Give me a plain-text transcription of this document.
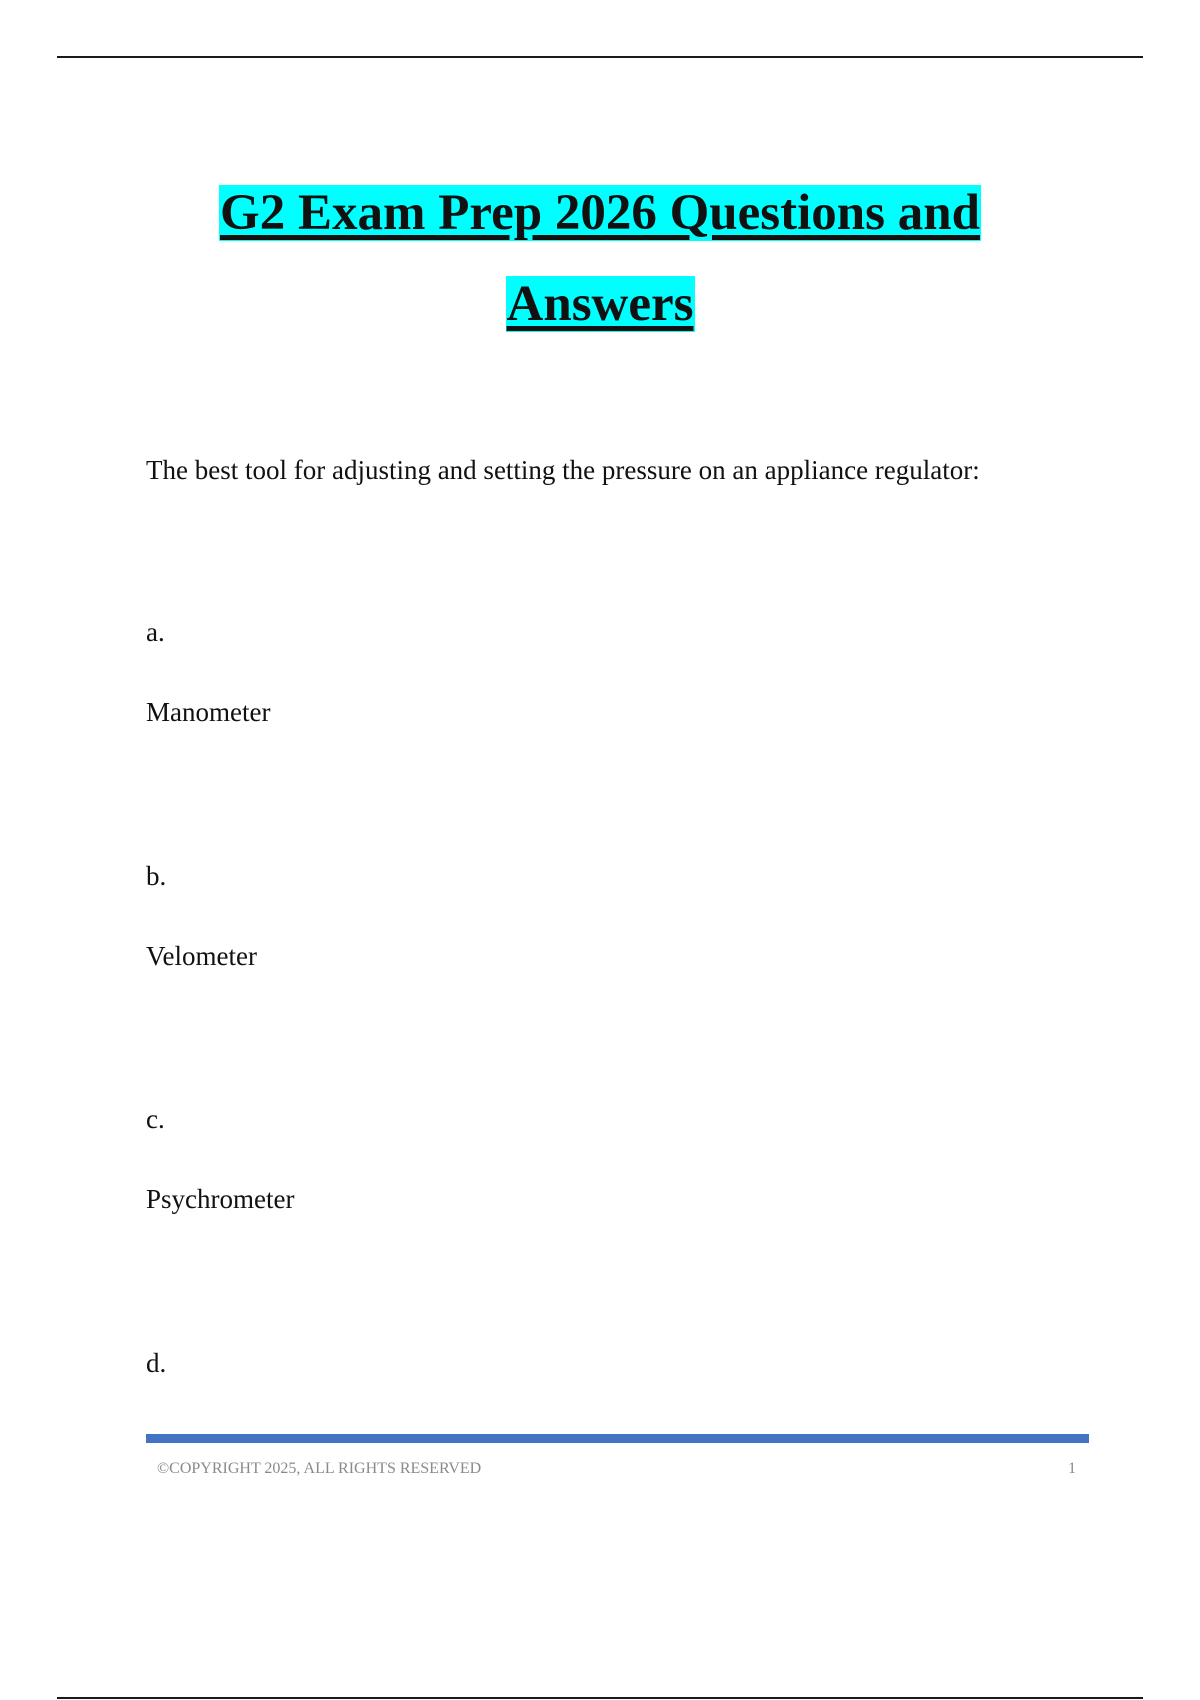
G2 Exam Prep 2026 Questions and
Answers
The best tool for adjusting and setting the pressure on an appliance regulator:
a.
Manometer
b.
Velometer
c.
Psychrometer
d.
©COPYRIGHT 2025, ALL RIGHTS RESERVED	1
